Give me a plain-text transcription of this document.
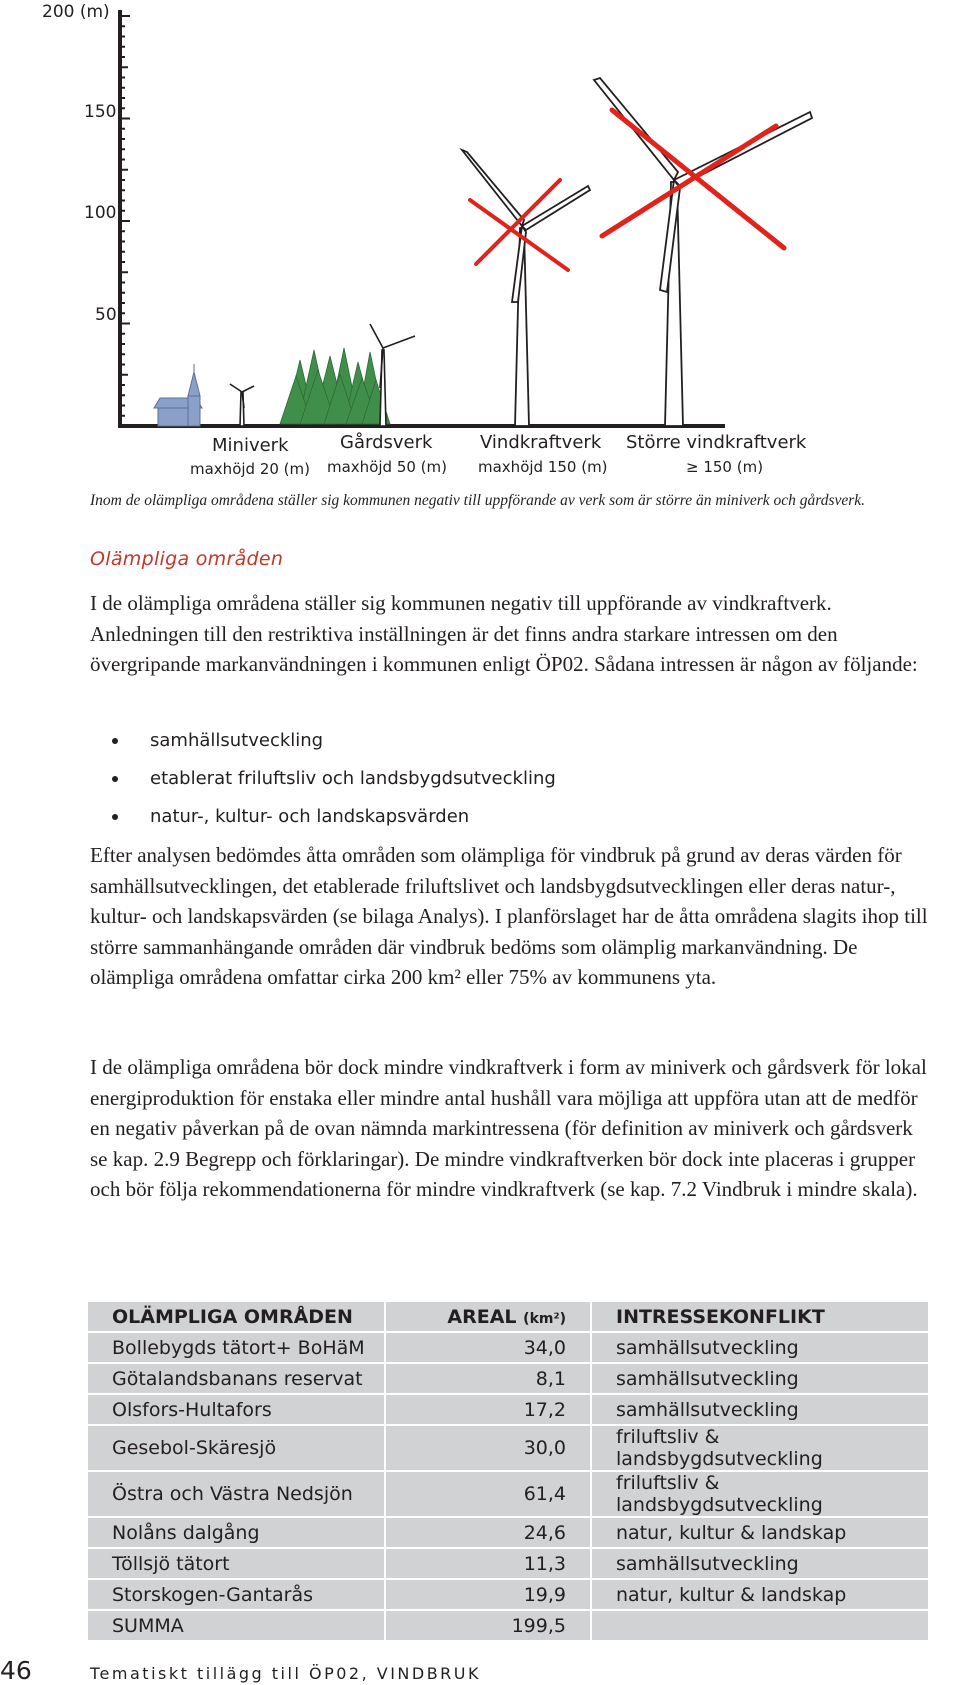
200 (m)
150
100
50
Miniverk
maxhöjd 20 (m)
Gårdsverk
maxhöjd 50 (m)
Vindkraftverk
maxhöjd 150 (m)
Större vindkraftverk
≥ 150 (m)
Inom de olämpliga områdena ställer sig kommunen negativ till uppförande av verk som är större än miniverk och gårdsverk.
Olämpliga områden

I de olämpliga områdena ställer sig kommunen negativ till uppförande av vindkraftverk. Anledningen till den restriktiva inställningen är det finns andra starkare intressen om den övergripande markanvändningen i kommunen enligt ÖP02. Sådana intressen är någon av följande:

samhällsutveckling
etablerat friluftsliv och landsbygdsutveckling
natur-, kultur- och landskapsvärden

Efter analysen bedömdes åtta områden som olämpliga för vindbruk på grund av deras värden för samhällsutvecklingen, det etablerade friluftslivet och landsbygdsutvecklingen eller deras natur-, kultur- och landskapsvärden (se bilaga Analys). I planförslaget har de åtta områdena slagits ihop till större sammanhängande områden där vindbruk bedöms som olämplig markanvändning. De olämpliga områdena omfattar cirka 200 km² eller 75% av kommunens yta.

I de olämpliga områdena bör dock mindre vindkraftverk i form av miniverk och gårdsverk för lokal energiproduktion för enstaka eller mindre antal hushåll vara möjliga att uppföra utan att de medför en negativ påverkan på de ovan nämnda markintressena (för definition av miniverk och gårdsverk se kap. 2.9 Begrepp och förklaringar). De mindre vindkraftverken bör dock inte placeras i grupper och bör följa rekommendationerna för mindre vindkraftverk (se kap. 7.2 Vindbruk i mindre skala).

OLÄMPLIGA OMRÅDEN	AREAL (km²)	INTRESSEKONFLIKT
Bollebygds tätort+ BoHäM	34,0	samhällsutveckling
Götalandsbanans reservat	8,1	samhällsutveckling
Olsfors-Hultafors	17,2	samhällsutveckling
Gesebol-Skäresjö	30,0	friluftsliv & landsbygdsutveckling
Östra och Västra Nedsjön	61,4	friluftsliv & landsbygdsutveckling
Nolåns dalgång	24,6	natur, kultur & landskap
Töllsjö tätort	11,3	samhällsutveckling
Storskogen-Gantarås	19,9	natur, kultur & landskap
SUMMA	199,5	
46	Tematiskt tillägg till ÖP02, VINDBRUK
